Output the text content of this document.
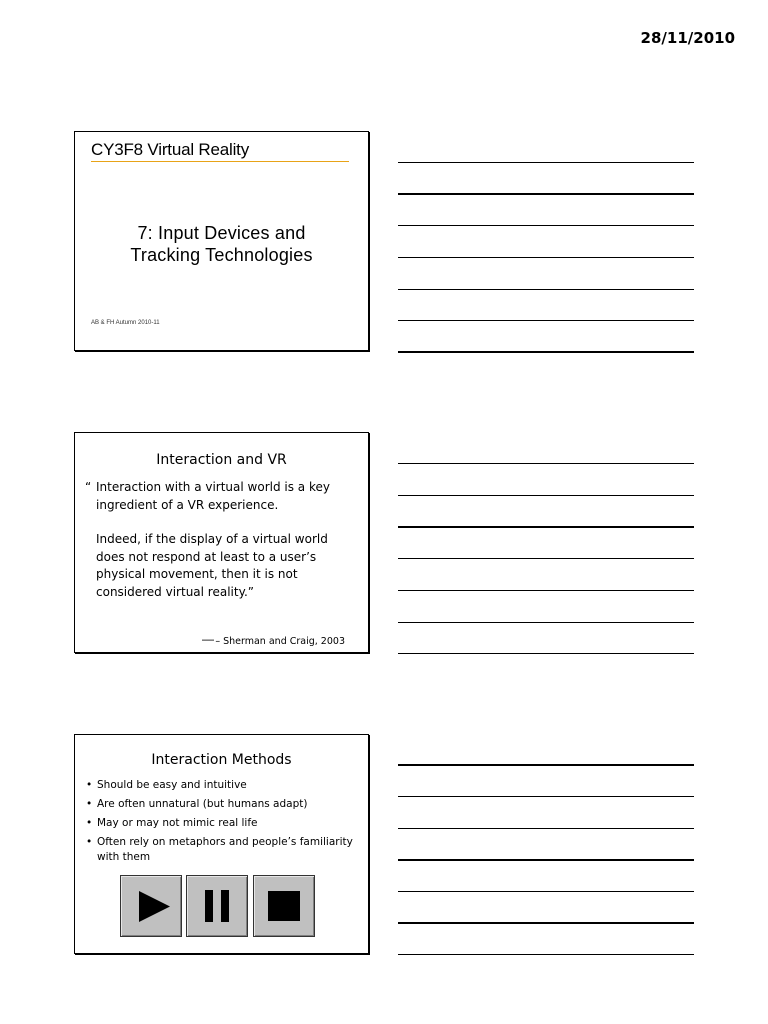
28/11/2010
CY3F8 Virtual Reality
7: Input Devices and
Tracking Technologies
AB & FH Autumn 2010-11
Interaction and VR
“ Interaction with a virtual world is a key ingredient of a VR experience.

Indeed, if the display of a virtual world does not respond at least to a user’s physical movement, then it is not considered virtual reality.”

— – Sherman and Craig, 2003
Interaction Methods
• Should be easy and intuitive
• Are often unnatural (but humans adapt)
• May or may not mimic real life
• Often rely on metaphors and people’s familiarity with them
